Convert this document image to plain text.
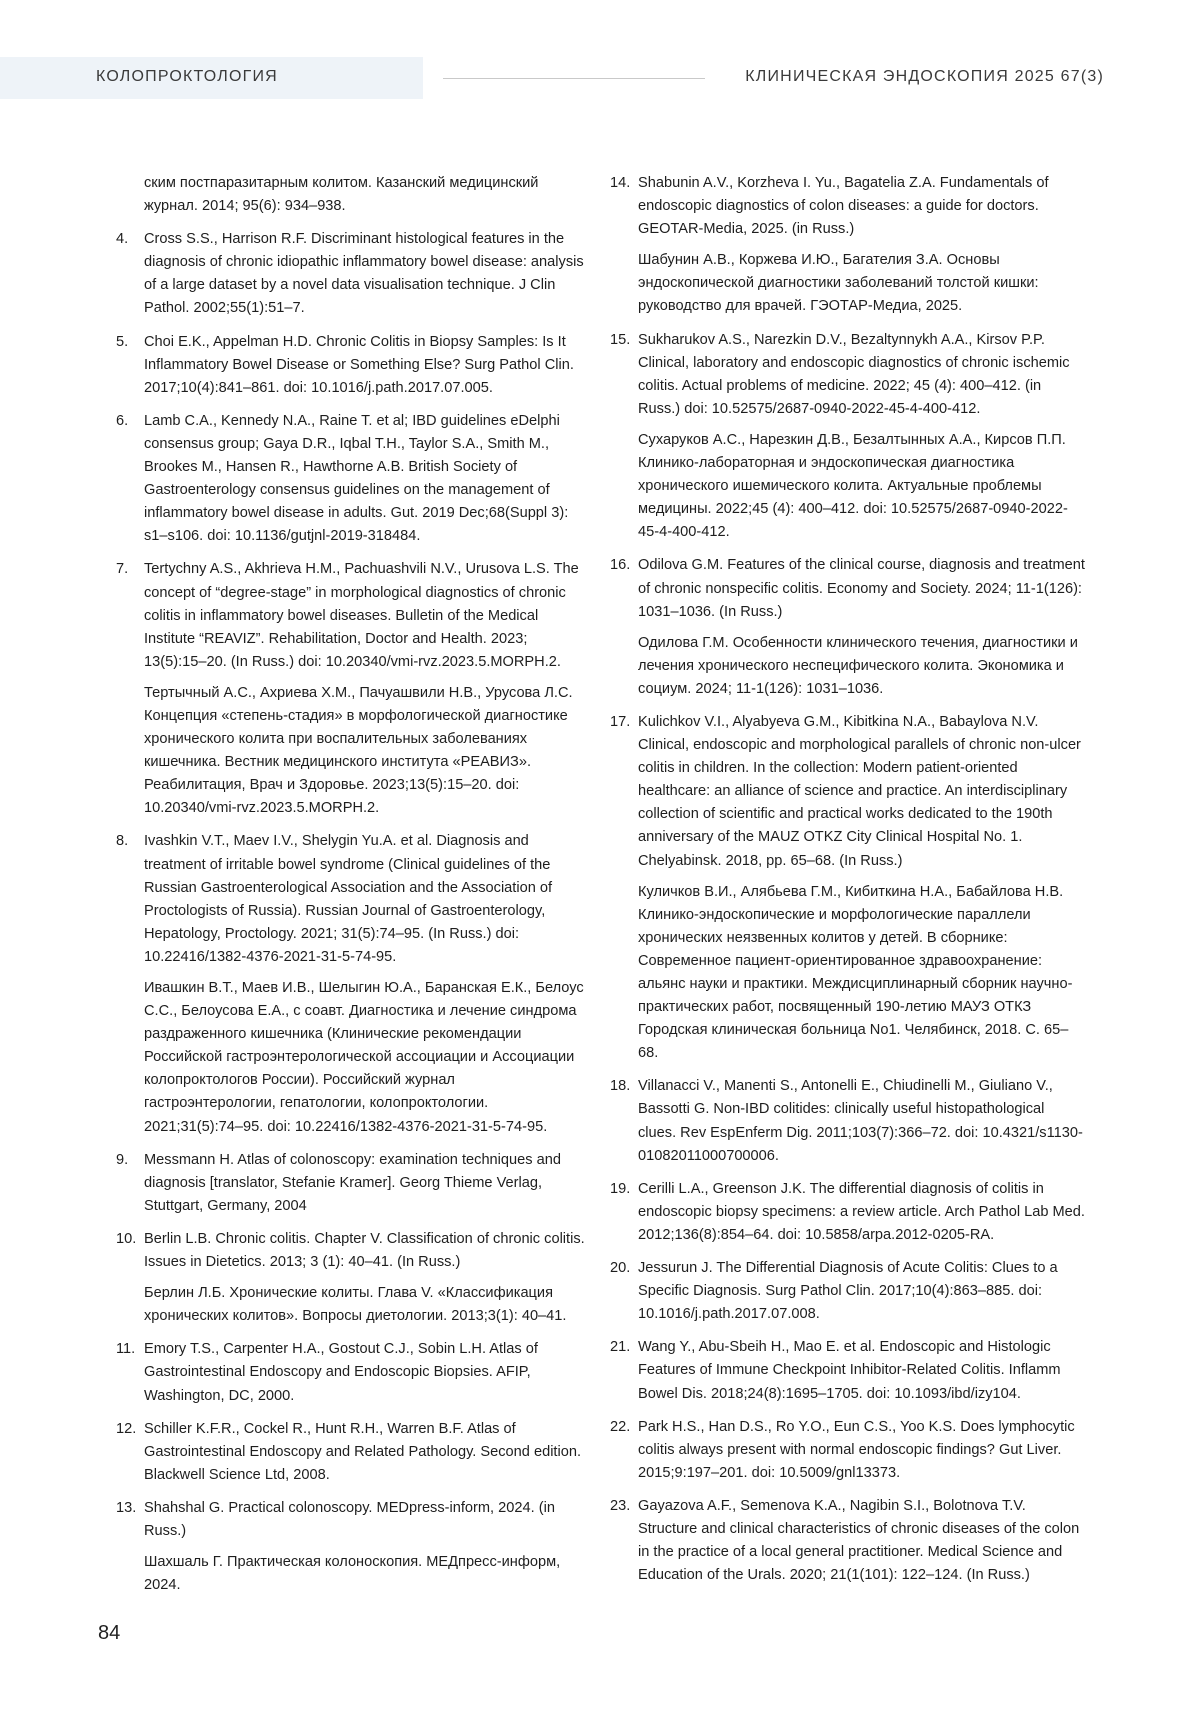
КОЛОПРОКТОЛОГИЯ	КЛИНИЧЕСКАЯ ЭНДОСКОПИЯ 2025 67(3)

ским постпаразитарным колитом. Казанский медицинский журнал. 2014; 95(6): 934–938.

4.	Cross S.S., Harrison R.F. Discriminant histological features in the diagnosis of chronic idiopathic inflammatory bowel disease: analysis of a large dataset by a novel data visualisation technique. J Clin Pathol. 2002;55(1):51–7.

5.	Choi E.K., Appelman H.D. Chronic Colitis in Biopsy Samples: Is It Inflammatory Bowel Disease or Something Else? Surg Pathol Clin. 2017;10(4):841–861. doi: 10.1016/j.path.2017.07.005.

6.	Lamb C.A., Kennedy N.A., Raine T. et al; IBD guidelines eDelphi consensus group; Gaya D.R., Iqbal T.H., Taylor S.A., Smith M., Brookes M., Hansen R., Hawthorne A.B. British Society of Gastroenterology consensus guidelines on the management of inflammatory bowel disease in adults. Gut. 2019 Dec;68(Suppl 3): s1–s106. doi: 10.1136/gutjnl-2019-318484.

7.	Tertychny A.S., Akhrieva H.M., Pachuashvili N.V., Urusova L.S. The concept of “degree-stage” in morphological diagnostics of chronic colitis in inflammatory bowel diseases. Bulletin of the Medical Institute “REAVIZ”. Rehabilitation, Doctor and Health. 2023; 13(5):15–20. (In Russ.) doi: 10.20340/vmi-rvz.2023.5.MORPH.2.

Тертычный А.С., Ахриева Х.М., Пачуашвили Н.В., Урусова Л.С. Концепция «степень-стадия» в морфологической диагностике хронического колита при воспалительных заболеваниях кишечника. Вестник медицинского института «РЕАВИЗ». Реабилитация, Врач и Здоровье. 2023;13(5):15–20. doi: 10.20340/vmi-rvz.2023.5.MORPH.2.

8.	Ivashkin V.T., Maev I.V., Shelygin Yu.A. et al. Diagnosis and treatment of irritable bowel syndrome (Clinical guidelines of the Russian Gastroenterological Association and the Association of Proctologists of Russia). Russian Journal of Gastroenterology, Hepatology, Proctology. 2021; 31(5):74–95. (In Russ.) doi: 10.22416/1382-4376-2021-31-5-74-95.

Ивашкин В.Т., Маев И.В., Шелыгин Ю.А., Баранская Е.К., Белоус С.С., Белоусова Е.А., с соавт. Диагностика и лечение синдрома раздраженного кишечника (Клинические рекомендации Российской гастроэнтерологической ассоциации и Ассоциации колопроктологов России). Российский журнал гастроэнтерологии, гепатологии, колопроктологии. 2021;31(5):74–95. doi: 10.22416/1382-4376-2021-31-5-74-95.

9.	Messmann H. Atlas of colonoscopy: examination techniques and diagnosis [translator, Stefanie Kramer]. Georg Thieme Verlag, Stuttgart, Germany, 2004

10. Berlin L.B. Chronic colitis. Chapter V. Classification of chronic colitis. Issues in Dietetics. 2013; 3 (1): 40–41. (In Russ.)

Берлин Л.Б. Хронические колиты. Глава V. «Классификация хронических колитов». Вопросы диетологии. 2013;3(1): 40–41.

11. Emory T.S., Carpenter H.A., Gostout C.J., Sobin L.H. Atlas of Gastrointestinal Endoscopy and Endoscopic Biopsies. AFIP, Washington, DC, 2000.

12. Schiller K.F.R., Cockel R., Hunt R.H., Warren B.F. Atlas of Gastrointestinal Endoscopy and Related Pathology. Second edition. Blackwell Science Ltd, 2008.

13. Shahshal G. Practical colonoscopy. MEDpress-inform, 2024. (in Russ.)

Шахшаль Г. Практическая колоноскопия. МЕДпресс-информ, 2024.

14. Shabunin A.V., Korzheva I. Yu., Bagatelia Z.A. Fundamentals of endoscopic diagnostics of colon diseases: a guide for doctors. GEOTAR-Media, 2025. (in Russ.)

Шабунин А.В., Коржева И.Ю., Багателия З.А. Основы эндоскопической диагностики заболеваний толстой кишки: руководство для врачей. ГЭОТАР-Медиа, 2025.

15. Sukharukov A.S., Narezkin D.V., Bezaltynnykh A.A., Kirsov P.P. Clinical, laboratory and endoscopic diagnostics of chronic ischemic colitis. Actual problems of medicine. 2022; 45 (4): 400–412. (in Russ.) doi: 10.52575/2687-0940-2022-45-4-400-412.

Сухаруков А.С., Нарезкин Д.В., Безалтынных А.А., Кирсов П.П. Клинико-лабораторная и эндоскопическая диагностика хронического ишемического колита. Актуальные проблемы медицины. 2022;45 (4): 400–412. doi: 10.52575/2687-0940-2022-45-4-400-412.

16. Odilova G.M. Features of the clinical course, diagnosis and treatment of chronic nonspecific colitis. Economy and Society. 2024; 11-1(126): 1031–1036. (In Russ.)

Одилова Г.М. Особенности клинического течения, диагностики и лечения хронического неспецифического колита. Экономика и социум. 2024; 11-1(126): 1031–1036.

17. Kulichkov V.I., Alyabyeva G.M., Kibitkina N.A., Babaylova N.V. Clinical, endoscopic and morphological parallels of chronic non-ulcer colitis in children. In the collection: Modern patient-oriented healthcare: an alliance of science and practice. An interdisciplinary collection of scientific and practical works dedicated to the 190th anniversary of the MAUZ OTKZ City Clinical Hospital No. 1. Chelyabinsk. 2018, pp. 65–68. (In Russ.)

Куличков В.И., Алябьева Г.М., Кибиткина Н.А., Бабайлова Н.В. Клинико-эндоскопические и морфологические параллели хронических неязвенных колитов у детей. В сборнике: Современное пациент-ориентированное здравоохранение: альянс науки и практики. Междисциплинарный сборник научно-практических работ, посвященный 190-летию МАУЗ ОТКЗ Городская клиническая больница No1. Челябинск, 2018. С. 65–68.

18. Villanacci V., Manenti S., Antonelli E., Chiudinelli M., Giuliano V., Bassotti G. Non-IBD colitides: clinically useful histopathological clues. Rev EspEnferm Dig. 2011;103(7):366–72. doi: 10.4321/s1130-01082011000700006.

19. Cerilli L.A., Greenson J.K. The differential diagnosis of colitis in endoscopic biopsy specimens: a review article. Arch Pathol Lab Med. 2012;136(8):854–64. doi: 10.5858/arpa.2012-0205-RA.

20. Jessurun J. The Differential Diagnosis of Acute Colitis: Clues to a Specific Diagnosis. Surg Pathol Clin. 2017;10(4):863–885. doi: 10.1016/j.path.2017.07.008.

21. Wang Y., Abu-Sbeih H., Mao E. et al. Endoscopic and Histologic Features of Immune Checkpoint Inhibitor-Related Colitis. Inflamm Bowel Dis. 2018;24(8):1695–1705. doi: 10.1093/ibd/izy104.

22. Park H.S., Han D.S., Ro Y.O., Eun C.S., Yoo K.S. Does lymphocytic colitis always present with normal endoscopic findings? Gut Liver. 2015;9:197–201. doi: 10.5009/gnl13373.

23. Gayazova A.F., Semenova K.A., Nagibin S.I., Bolotnova T.V. Structure and clinical characteristics of chronic diseases of the colon in the practice of a local general practitioner. Medical Science and Education of the Urals. 2020; 21(1(101): 122–124. (In Russ.)

84
